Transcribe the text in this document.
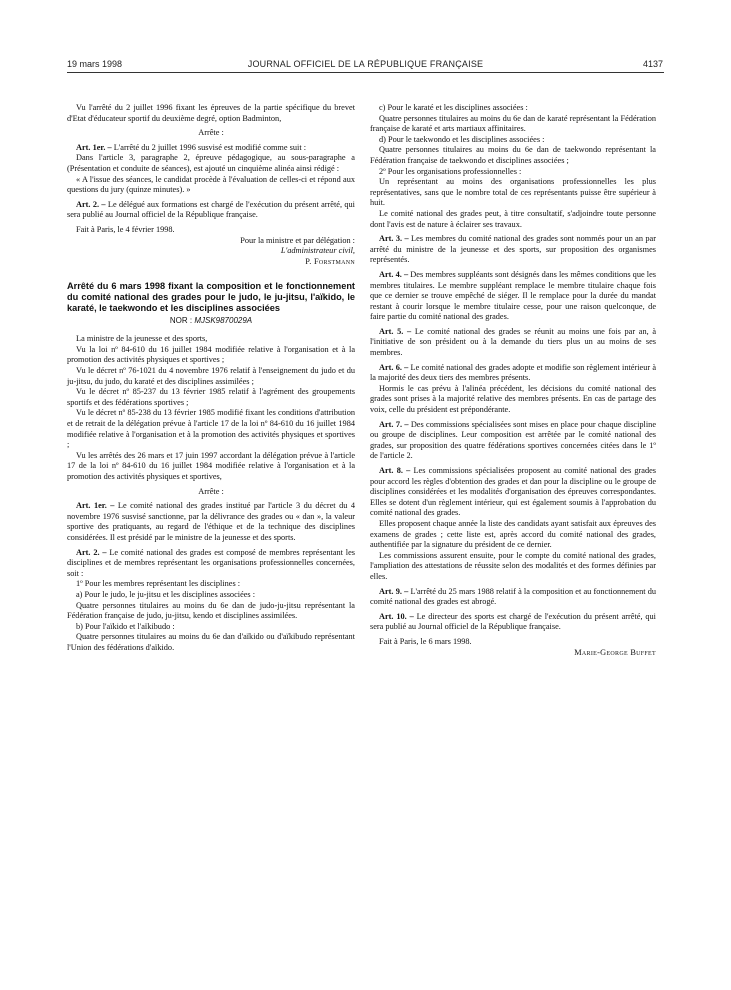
19 mars 1998	JOURNAL OFFICIEL DE LA RÉPUBLIQUE FRANÇAISE	4137

Vu l'arrêté du 2 juillet 1996 fixant les épreuves de la partie spécifique du brevet d'Etat d'éducateur sportif du deuxième degré, option Badminton,

Arrête :

Art. 1er. – L'arrêté du 2 juillet 1996 susvisé est modifié comme suit :

Dans l'article 3, paragraphe 2, épreuve pédagogique, au sous-paragraphe a (Présentation et conduite de séances), est ajouté un cinquième alinéa ainsi rédigé :

« A l'issue des séances, le candidat procède à l'évaluation de celles-ci et répond aux questions du jury (quinze minutes). »

Art. 2. – Le délégué aux formations est chargé de l'exécution du présent arrêté, qui sera publié au Journal officiel de la République française.

Fait à Paris, le 4 février 1998.

Pour la ministre et par délégation :

L'administrateur civil,

P. Forstmann

Arrêté du 6 mars 1998 fixant la composition et le fonctionnement du comité national des grades pour le judo, le ju-jitsu, l'aïkido, le karaté, le taekwondo et les disciplines associées
NOR : MJSK9870029A

La ministre de la jeunesse et des sports,

Vu la loi nº 84-610 du 16 juillet 1984 modifiée relative à l'organisation et à la promotion des activités physiques et sportives ;

Vu le décret nº 76-1021 du 4 novembre 1976 relatif à l'enseignement du judo et du ju-jitsu, du judo, du karaté et des disciplines assimilées ;

Vu le décret nº 85-237 du 13 février 1985 relatif à l'agrément des groupements sportifs et des fédérations sportives ;

Vu le décret nº 85-238 du 13 février 1985 modifié fixant les conditions d'attribution et de retrait de la délégation prévue à l'article 17 de la loi nº 84-610 du 16 juillet 1984 modifiée relative à l'organisation et à la promotion des activités physiques et sportives ;

Vu les arrêtés des 26 mars et 17 juin 1997 accordant la délégation prévue à l'article 17 de la loi nº 84-610 du 16 juillet 1984 modifiée relative à l'organisation et à la promotion des activités physiques et sportives,

Arrête :

Art. 1er. – Le comité national des grades institué par l'article 3 du décret du 4 novembre 1976 susvisé sanctionne, par la délivrance des grades ou « dan », la valeur sportive des pratiquants, au regard de l'éthique et de la technique des disciplines considérées. Il est présidé par le ministre de la jeunesse et des sports.

Art. 2. – Le comité national des grades est composé de membres représentant les disciplines et de membres représentant les organisations professionnelles concernées, soit :

1º Pour les membres représentant les disciplines :

a) Pour le judo, le ju-jitsu et les disciplines associées :

Quatre personnes titulaires au moins du 6e dan de judo-ju-jitsu représentant la Fédération française de judo, ju-jitsu, kendo et disciplines assimilées.

b) Pour l'aïkido et l'aïkibudo :

Quatre personnes titulaires au moins du 6e dan d'aïkido ou d'aïkibudo représentant l'Union des fédérations d'aïkido.

c) Pour le karaté et les disciplines associées :

Quatre personnes titulaires au moins du 6e dan de karaté représentant la Fédération française de karaté et arts martiaux affinitaires.

d) Pour le taekwondo et les disciplines associées :

Quatre personnes titulaires au moins du 6e dan de taekwondo représentant la Fédération française de taekwondo et disciplines associées ;

2º Pour les organisations professionnelles :

Un représentant au moins des organisations professionnelles les plus représentatives, sans que le nombre total de ces représentants puisse être supérieur à huit.

Le comité national des grades peut, à titre consultatif, s'adjoindre toute personne dont l'avis est de nature à éclairer ses travaux.

Art. 3. – Les membres du comité national des grades sont nommés pour un an par arrêté du ministre de la jeunesse et des sports, sur proposition des organismes représentés.

Art. 4. – Des membres suppléants sont désignés dans les mêmes conditions que les membres titulaires. Le membre suppléant remplace le membre titulaire chaque fois que ce dernier se trouve empêché de siéger. Il le remplace pour la durée du mandat restant à courir lorsque le membre titulaire cesse, pour une raison quelconque, de faire partie du comité national des grades.

Art. 5. – Le comité national des grades se réunit au moins une fois par an, à l'initiative de son président ou à la demande du tiers plus un au moins de ses membres.

Art. 6. – Le comité national des grades adopte et modifie son règlement intérieur à la majorité des deux tiers des membres présents.

Hormis le cas prévu à l'alinéa précédent, les décisions du comité national des grades sont prises à la majorité relative des membres présents. En cas de partage des voix, celle du président est prépondérante.

Art. 7. – Des commissions spécialisées sont mises en place pour chaque discipline ou groupe de disciplines. Leur composition est arrêtée par le comité national des grades, sur proposition des quatre fédérations sportives concernées citées dans le 1º de l'article 2.

Art. 8. – Les commissions spécialisées proposent au comité national des grades pour accord les règles d'obtention des grades et dan pour la discipline ou le groupe de disciplines considérées et les modalités d'organisation des épreuves correspondantes. Elles se dotent d'un règlement intérieur, qui est également soumis à l'approbation du comité national des grades.

Elles proposent chaque année la liste des candidats ayant satisfait aux épreuves des examens de grades ; cette liste est, après accord du comité national des grades, authentifiée par la signature du président de ce dernier.

Les commissions assurent ensuite, pour le compte du comité national des grades, l'ampliation des attestations de réussite selon des modalités et des formes définies par elles.

Art. 9. – L'arrêté du 25 mars 1988 relatif à la composition et au fonctionnement du comité national des grades est abrogé.

Art. 10. – Le directeur des sports est chargé de l'exécution du présent arrêté, qui sera publié au Journal officiel de la République française.

Fait à Paris, le 6 mars 1998.

Marie-George Buffet
